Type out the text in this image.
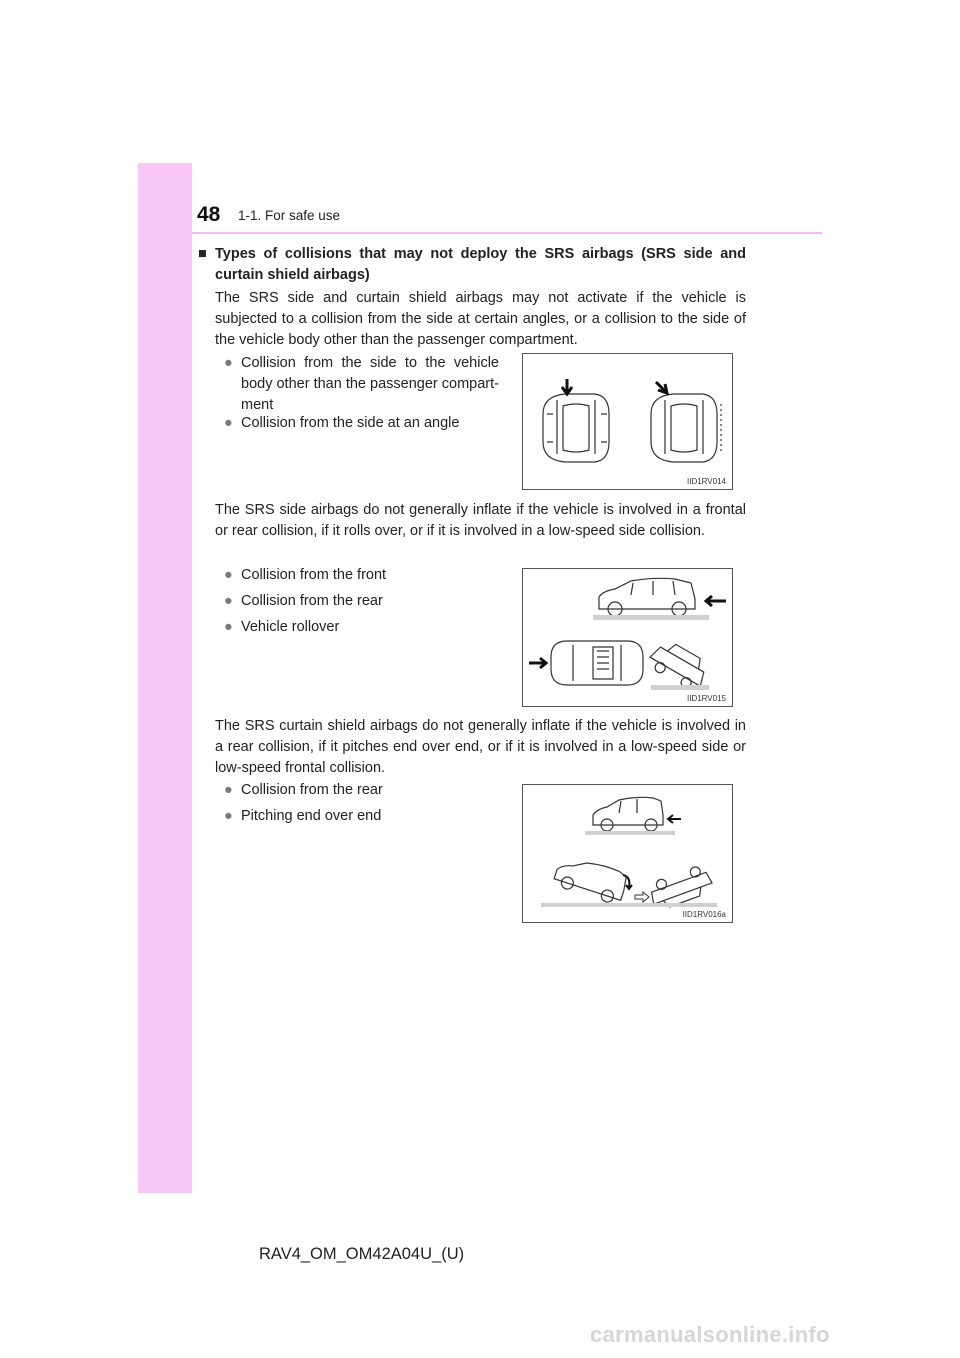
48 1-1. For safe use
■ Types of collisions that may not deploy the SRS airbags (SRS side and curtain shield airbags)
The SRS side and curtain shield airbags may not activate if the vehicle is subjected to a collision from the side at certain angles, or a collision to the side of the vehicle body other than the passenger compartment.
● Collision from the side to the vehicle body other than the passenger compart-ment
● Collision from the side at an angle
IID1RV014
The SRS side airbags do not generally inflate if the vehicle is involved in a frontal or rear collision, if it rolls over, or if it is involved in a low-speed side collision.
● Collision from the front
● Collision from the rear
● Vehicle rollover
IID1RV015
The SRS curtain shield airbags do not generally inflate if the vehicle is involved in a rear collision, if it pitches end over end, or if it is involved in a low-speed side or low-speed frontal collision.
● Collision from the rear
● Pitching end over end
IID1RV016a
RAV4_OM_OM42A04U_(U)
carmanualsonline.info
